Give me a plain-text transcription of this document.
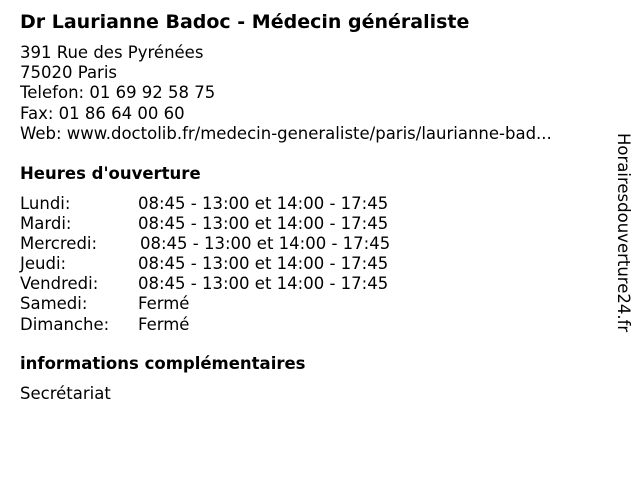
Dr Laurianne Badoc - Médecin généraliste
391 Rue des Pyrénées
75020 Paris
Telefon: 01 69 92 58 75
Fax: 01 86 64 00 60
Web: www.doctolib.fr/medecin-generaliste/paris/laurianne-bad...
Heures d'ouverture
Lundi:	08:45 - 13:00 et 14:00 - 17:45
Mardi:	08:45 - 13:00 et 14:00 - 17:45
Mercredi:	08:45 - 13:00 et 14:00 - 17:45
Jeudi:	08:45 - 13:00 et 14:00 - 17:45
Vendredi: 08:45 - 13:00 et 14:00 - 17:45
Samedi:	Fermé
Dimanche: Fermé
informations complémentaires
Secrétariat
Horairesdouverture24.fr
